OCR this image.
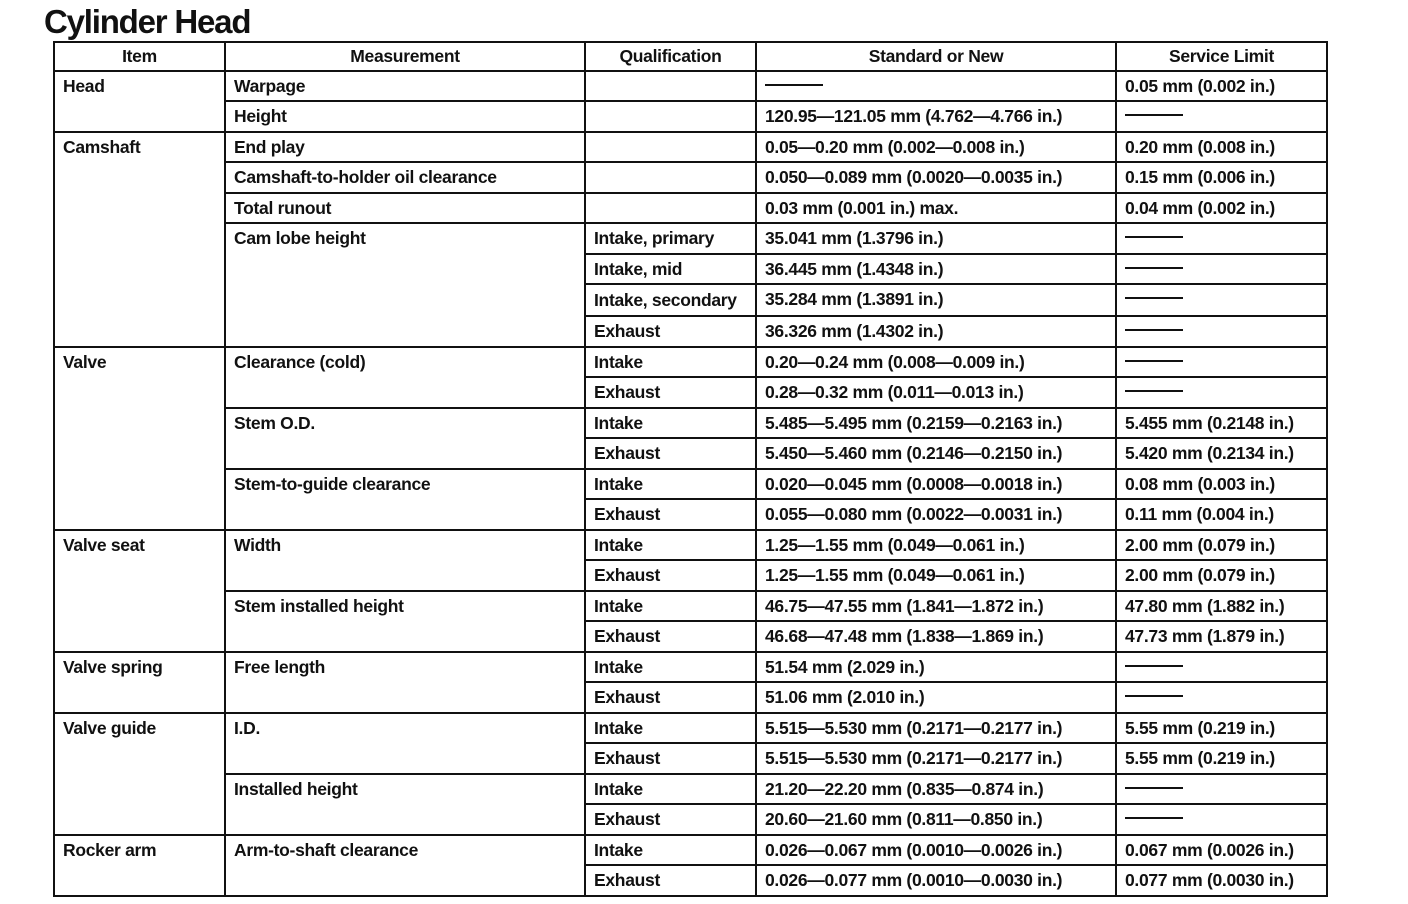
Cylinder Head
Item	Measurement	Qualification	Standard or New	Service Limit
Head	Warpage			0.05 mm (0.002 in.)
	Height		120.95—121.05 mm (4.762—4.766 in.)	
Camshaft	End play		0.05—0.20 mm (0.002—0.008 in.)	0.20 mm (0.008 in.)
	Camshaft-to-holder oil clearance		0.050—0.089 mm (0.0020—0.0035 in.)	0.15 mm (0.006 in.)
	Total runout		0.03 mm (0.001 in.) max.	0.04 mm (0.002 in.)
	Cam lobe height	Intake, primary	35.041 mm (1.3796 in.)	
		Intake, mid	36.445 mm (1.4348 in.)	
		Intake, secondary	35.284 mm (1.3891 in.)	
		Exhaust	36.326 mm (1.4302 in.)	
Valve	Clearance (cold)	Intake	0.20—0.24 mm (0.008—0.009 in.)	
		Exhaust	0.28—0.32 mm (0.011—0.013 in.)	
	Stem O.D.	Intake	5.485—5.495 mm (0.2159—0.2163 in.)	5.455 mm (0.2148 in.)
		Exhaust	5.450—5.460 mm (0.2146—0.2150 in.)	5.420 mm (0.2134 in.)
	Stem-to-guide clearance	Intake	0.020—0.045 mm (0.0008—0.0018 in.)	0.08 mm (0.003 in.)
		Exhaust	0.055—0.080 mm (0.0022—0.0031 in.)	0.11 mm (0.004 in.)
Valve seat	Width	Intake	1.25—1.55 mm (0.049—0.061 in.)	2.00 mm (0.079 in.)
		Exhaust	1.25—1.55 mm (0.049—0.061 in.)	2.00 mm (0.079 in.)
	Stem installed height	Intake	46.75—47.55 mm (1.841—1.872 in.)	47.80 mm (1.882 in.)
		Exhaust	46.68—47.48 mm (1.838—1.869 in.)	47.73 mm (1.879 in.)
Valve spring	Free length	Intake	51.54 mm (2.029 in.)	
		Exhaust	51.06 mm (2.010 in.)	
Valve guide	I.D.	Intake	5.515—5.530 mm (0.2171—0.2177 in.)	5.55 mm (0.219 in.)
		Exhaust	5.515—5.530 mm (0.2171—0.2177 in.)	5.55 mm (0.219 in.)
	Installed height	Intake	21.20—22.20 mm (0.835—0.874 in.)	
		Exhaust	20.60—21.60 mm (0.811—0.850 in.)	
Rocker arm	Arm-to-shaft clearance	Intake	0.026—0.067 mm (0.0010—0.0026 in.)	0.067 mm (0.0026 in.)
		Exhaust	0.026—0.077 mm (0.0010—0.0030 in.)	0.077 mm (0.0030 in.)
